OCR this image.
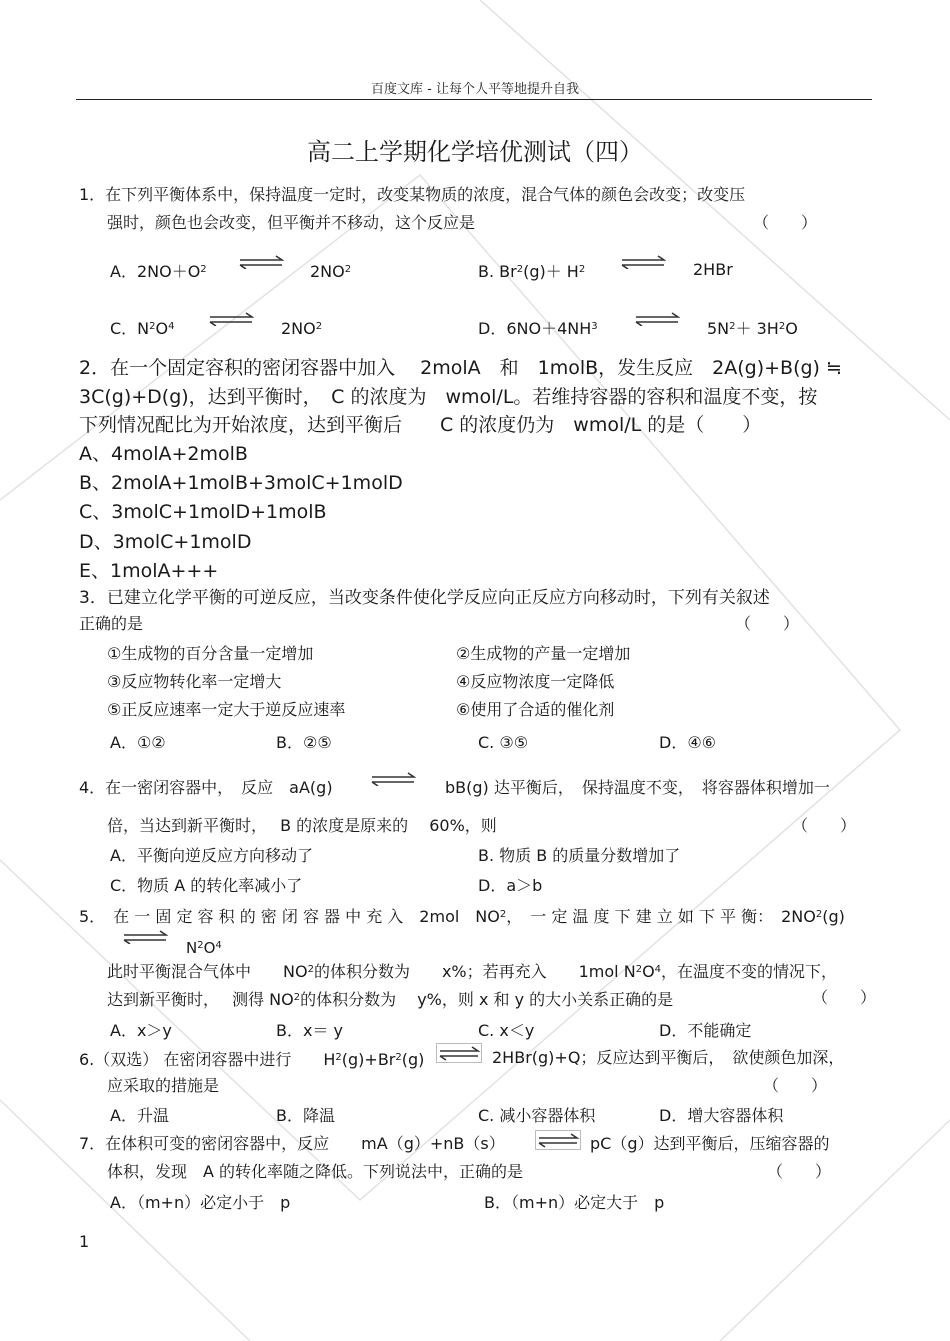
百度文库 - 让每个人平等地提升自我
高二上学期化学培优测试（四）
1．在下列平衡体系中，保持温度一定时，改变某物质的浓度，混合气体的颜色会改变；改变压
强时，颜色也会改变，但平衡并不移动，这个反应是	（　　）
A．$2NO+O^2$	$2NO^2$	B. $Br^2(g)+ H^2$	2HBr
C．$N^2O^4$	$2NO^2$	D．$6NO+4NH^3$	$5N^2+ 3H^2O$
2．在一个固定容积的密闭容器中加入　 2molA　和　1molB，发生反应　2A(g)+B(g) ≒
3C(g)+D(g)，达到平衡时，　C 的浓度为　wmol/L。若维持容器的容积和温度不变，按
下列情况配比为开始浓度，达到平衡后　　C 的浓度仍为　wmol/L 的是（　　）
A、4molA+2molB
B、2molA+1molB+3molC+1molD
C、3molC+1molD+1molB
D、3molC+1molD
E、1molA+++
3．已建立化学平衡的可逆反应，当改变条件使化学反应向正反应方向移动时，下列有关叙述
正确的是	（　　）
①生成物的百分含量一定增加	②生成物的产量一定增加
③反应物转化率一定增大	④反应物浓度一定降低
⑤正反应速率一定大于逆反应速率	⑥使用了合适的催化剂
A．①②	B．②⑤	C. ③⑤	D．④⑥
4．在一密闭容器中，　反应　aA(g)	bB(g) 达平衡后，　保持温度不变，　将容器体积增加一
倍，当达到新平衡时，　 B 的浓度是原来的　 60%，则	（　　）
A．平衡向逆反应方向移动了	B. 物质 B 的质量分数增加了
C．物质 A 的转化率减小了	D．a＞b
5．　在 一 固 定 容 积 的 密 闭 容 器 中 充 入　2mol　$NO^2$，　一 定 温 度 下 建 立 如 下 平 衡：　$2NO^2(g)$
$N^2O^4$
此时平衡混合气体中　　$NO^2$的体积分数为　　x%；若再充入　　1mol $N^2O^4$，在温度不变的情况下，
达到新平衡时，　 测得 $NO^2$的体积分数为　 y%，则 x 和 y 的大小关系正确的是	（　　）
A．x＞y	B．x＝ y	C. x＜y	D．不能确定
6.（双选） 在密闭容器中进行　　$H^2(g)+Br^2(g)$	2HBr(g)+Q；反应达到平衡后，　欲使颜色加深，
应采取的措施是	（　　）
A．升温	B．降温	C. 减小容器体积	D．增大容器体积
7．在体积可变的密闭容器中，反应　　mA（g）+nB（s）	pC（g）达到平衡后，压缩容器的
体积，发现　A 的转化率随之降低。下列说法中，正确的是	（　　）
A．（m+n）必定小于　p	B．（m+n）必定大于　p
1
